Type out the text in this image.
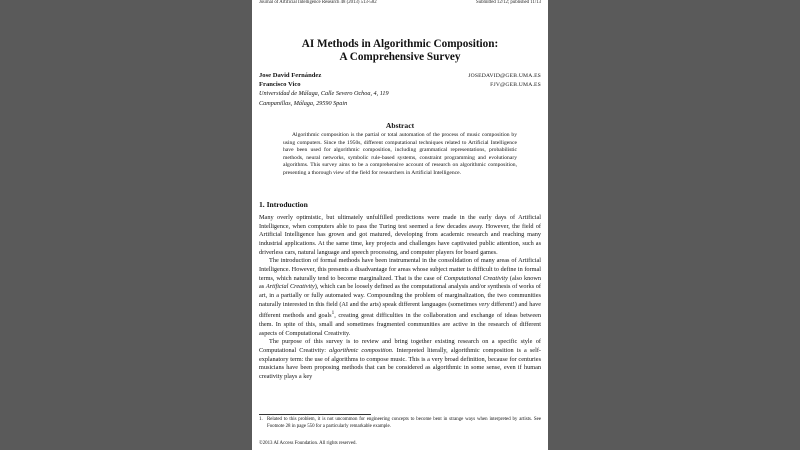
Journal of Artificial Intelligence Research 48 (2013) 513-582	Submitted 12/12; published 11/13
AI Methods in Algorithmic Composition:
A Comprehensive Survey
Jose David Fernández	JOSEDAVID@GEB.UMA.ES
Francisco Vico	FJV@GEB.UMA.ES
Universidad de Málaga, Calle Severo Ochoa, 4, 119
Campanillas, Málaga, 29590 Spain
Abstract
Algorithmic composition is the partial or total automation of the process of music composition by using computers. Since the 1950s, different computational techniques related to Artificial Intelligence have been used for algorithmic composition, including grammatical representations, probabilistic methods, neural networks, symbolic rule-based systems, constraint programming and evolutionary algorithms. This survey aims to be a comprehensive account of research on algorithmic composition, presenting a thorough view of the field for researchers in Artificial Intelligence.
1. Introduction

Many overly optimistic, but ultimately unfulfilled predictions were made in the early days of Artificial Intelligence, when computers able to pass the Turing test seemed a few decades away. However, the field of Artificial Intelligence has grown and got matured, developing from academic research and reaching many industrial applications. At the same time, key projects and challenges have captivated public attention, such as driverless cars, natural language and speech processing, and computer players for board games.

The introduction of formal methods have been instrumental in the consolidation of many areas of Artificial Intelligence. However, this presents a disadvantage for areas whose subject matter is difficult to define in formal terms, which naturally tend to become marginalized. That is the case of Computational Creativity (also known as Artificial Creativity), which can be loosely defined as the computational analysis and/or synthesis of works of art, in a partially or fully automated way. Compounding the problem of marginalization, the two communities naturally interested in this field (AI and the arts) speak different languages (sometimes very different!) and have different methods and goals$^1$, creating great difficulties in the collaboration and exchange of ideas between them. In spite of this, small and sometimes fragmented communities are active in the research of different aspects of Computational Creativity.

The purpose of this survey is to review and bring together existing research on a specific style of Computational Creativity: algorithmic composition. Interpreted literally, algorithmic composition is a self-explanatory term: the use of algorithms to compose music. This is a very broad definition, because for centuries musicians have been proposing methods that can be considered as algorithmic in some sense, even if human creativity plays a key

1. Related to this problem, it is not uncommon for engineering concepts to become bent in strange ways when interpreted by artists. See Footnote 28 in page 550 for a particularly remarkable example.
©2013 AI Access Foundation. All rights reserved.
